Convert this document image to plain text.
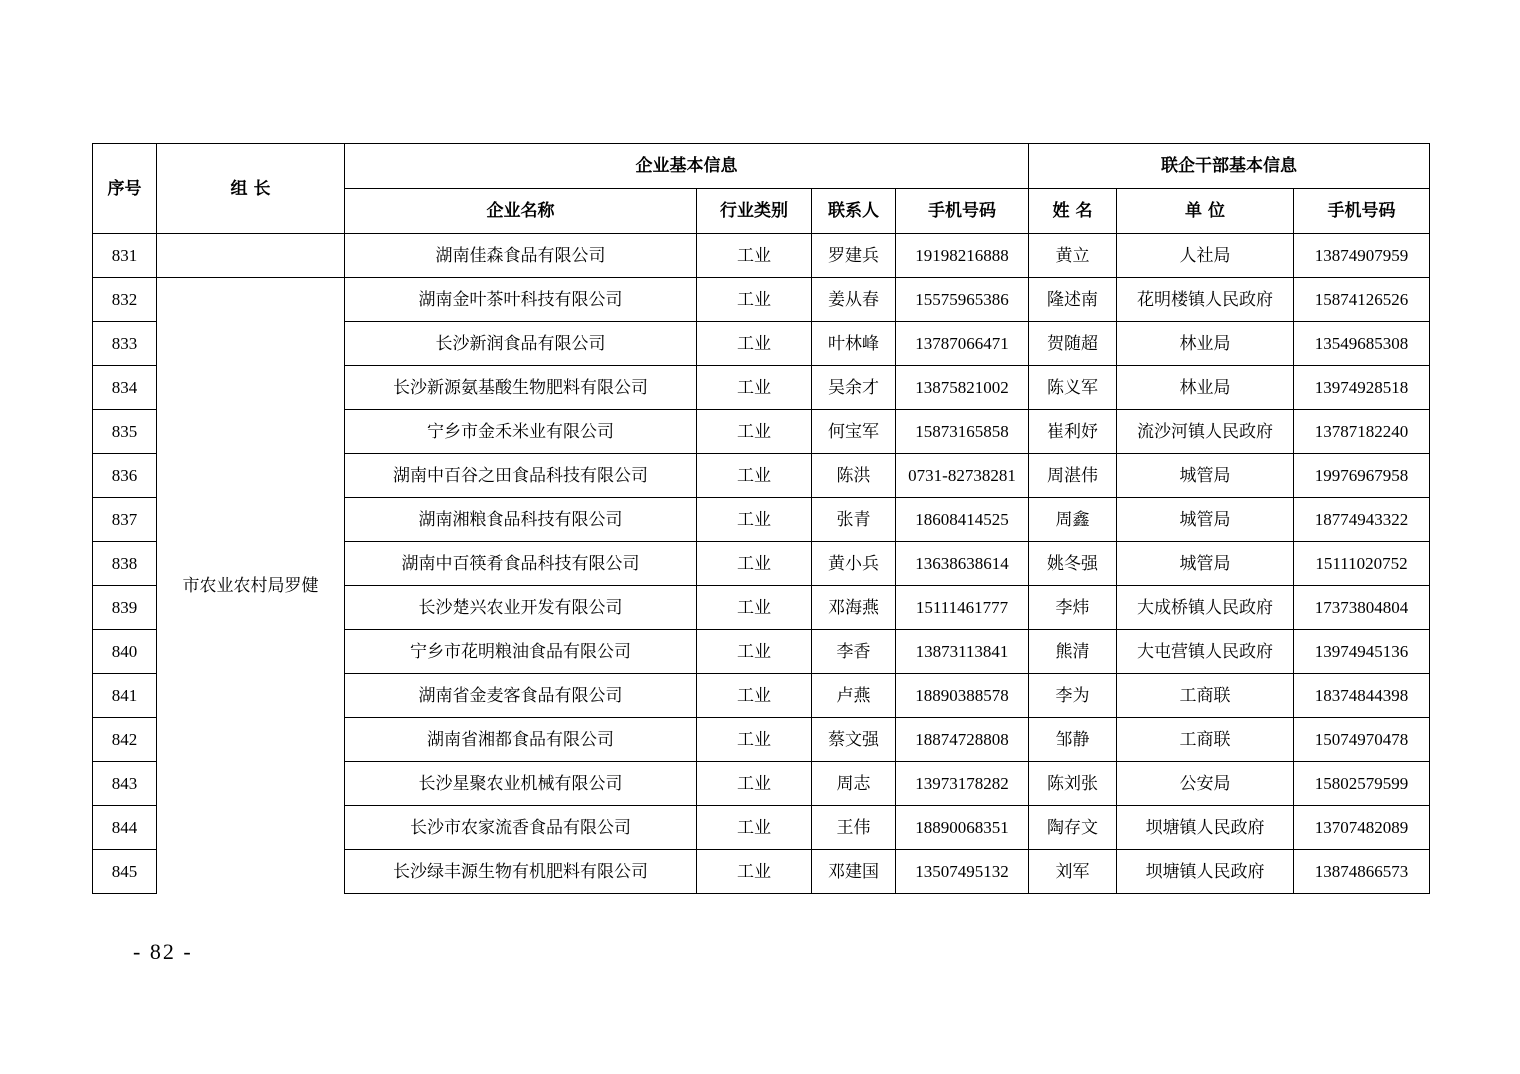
序号	组 长	企业基本信息				联企干部基本信息		
		企业名称	行业类别	联系人	手机号码	姓 名	单 位	手机号码
831		湖南佳森食品有限公司	工业	罗建兵	19198216888	黄立	人社局	13874907959
832	市农业农村局罗健	湖南金叶茶叶科技有限公司	工业	姜从春	15575965386	隆述南	花明楼镇人民政府	15874126526
833		长沙新润食品有限公司	工业	叶林峰	13787066471	贺随超	林业局	13549685308
834		长沙新源氨基酸生物肥料有限公司	工业	吴余才	13875821002	陈义军	林业局	13974928518
835		宁乡市金禾米业有限公司	工业	何宝军	15873165858	崔利妤	流沙河镇人民政府	13787182240
836		湖南中百谷之田食品科技有限公司	工业	陈洪	0731-82738281	周湛伟	城管局	19976967958
837		湖南湘粮食品科技有限公司	工业	张青	18608414525	周鑫	城管局	18774943322
838		湖南中百筷肴食品科技有限公司	工业	黄小兵	13638638614	姚冬强	城管局	15111020752
839		长沙楚兴农业开发有限公司	工业	邓海燕	15111461777	李炜	大成桥镇人民政府	17373804804
840		宁乡市花明粮油食品有限公司	工业	李香	13873113841	熊清	大屯营镇人民政府	13974945136
841		湖南省金麦客食品有限公司	工业	卢燕	18890388578	李为	工商联	18374844398
842		湖南省湘都食品有限公司	工业	蔡文强	18874728808	邹静	工商联	15074970478
843		长沙星聚农业机械有限公司	工业	周志	13973178282	陈刘张	公安局	15802579599
844		长沙市农家流香食品有限公司	工业	王伟	18890068351	陶存文	坝塘镇人民政府	13707482089
845		长沙绿丰源生物有机肥料有限公司	工业	邓建国	13507495132	刘军	坝塘镇人民政府	13874866573
- 82 -
